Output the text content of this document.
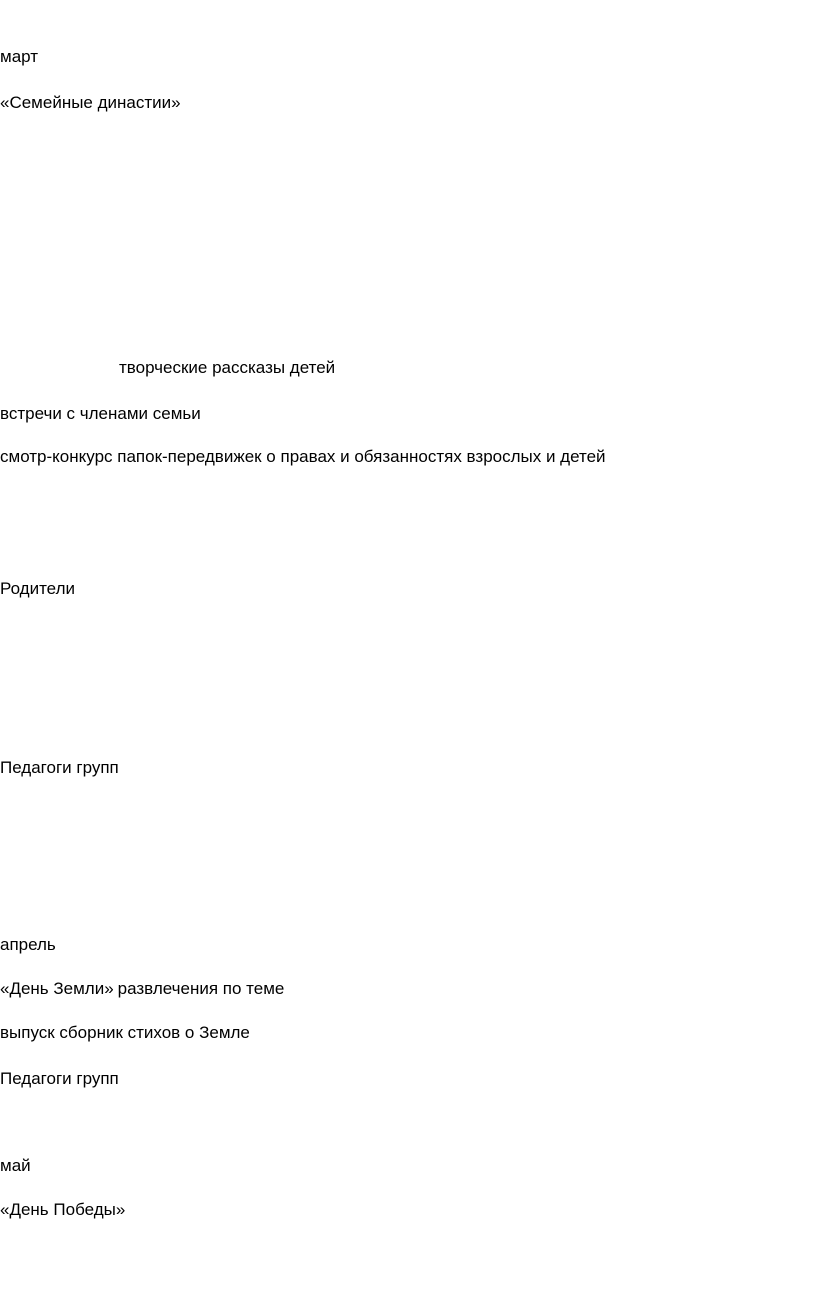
март
«Семейные династии»
творческие рассказы детей
встречи с членами семьи
смотр-конкурс папок-передвижек о правах и обязанностях взрослых и детей
Родители
Педагоги групп
апрель
«День Земли» развлечения по теме
выпуск сборник стихов о Земле
Педагоги групп
май
«День Победы»
